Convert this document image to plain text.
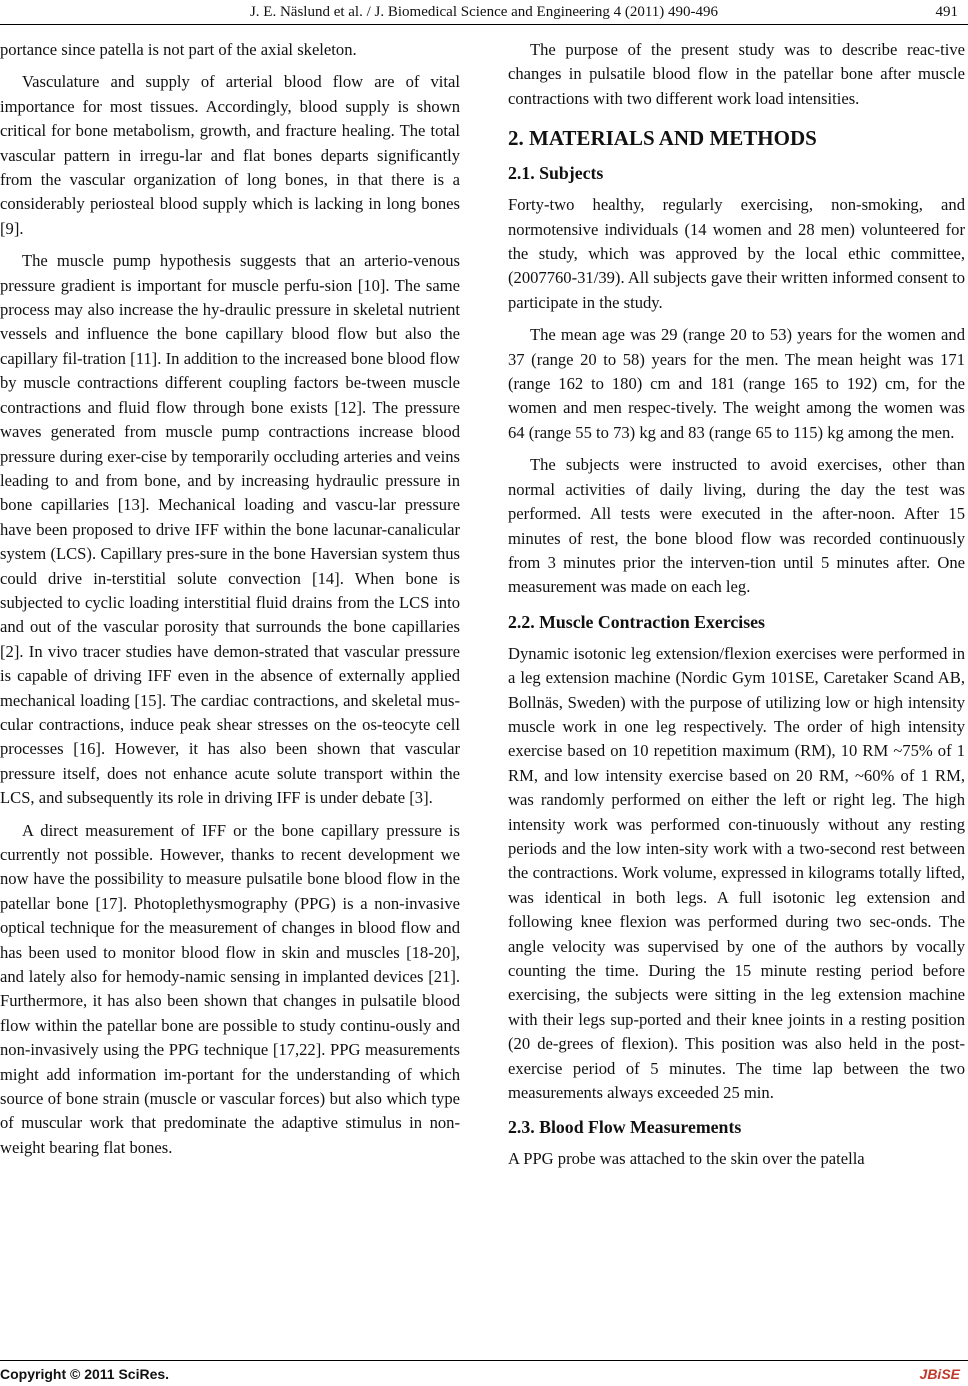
J. E. Näslund et al. / J. Biomedical Science and Engineering 4 (2011) 490-496	491

portance since patella is not part of the axial skeleton.

Vasculature and supply of arterial blood flow are of vital importance for most tissues. Accordingly, blood supply is shown critical for bone metabolism, growth, and fracture healing. The total vascular pattern in irregu-lar and flat bones departs significantly from the vascular organization of long bones, in that there is a considerably periosteal blood supply which is lacking in long bones [9].

The muscle pump hypothesis suggests that an arterio-venous pressure gradient is important for muscle perfu-sion [10]. The same process may also increase the hy-draulic pressure in skeletal nutrient vessels and influence the bone capillary blood flow but also the capillary fil-tration [11]. In addition to the increased bone blood flow by muscle contractions different coupling factors be-tween muscle contractions and fluid flow through bone exists [12]. The pressure waves generated from muscle pump contractions increase blood pressure during exer-cise by temporarily occluding arteries and veins leading to and from bone, and by increasing hydraulic pressure in bone capillaries [13]. Mechanical loading and vascu-lar pressure have been proposed to drive IFF within the bone lacunar-canalicular system (LCS). Capillary pres-sure in the bone Haversian system thus could drive in-terstitial solute convection [14]. When bone is subjected to cyclic loading interstitial fluid drains from the LCS into and out of the vascular porosity that surrounds the bone capillaries [2]. In vivo tracer studies have demon-strated that vascular pressure is capable of driving IFF even in the absence of externally applied mechanical loading [15]. The cardiac contractions, and skeletal mus-cular contractions, induce peak shear stresses on the os-teocyte cell processes [16]. However, it has also been shown that vascular pressure itself, does not enhance acute solute transport within the LCS, and subsequently its role in driving IFF is under debate [3].

A direct measurement of IFF or the bone capillary pressure is currently not possible. However, thanks to recent development we now have the possibility to measure pulsatile bone blood flow in the patellar bone [17]. Photoplethysmography (PPG) is a non-invasive optical technique for the measurement of changes in blood flow and has been used to monitor blood flow in skin and muscles [18-20], and lately also for hemody-namic sensing in implanted devices [21]. Furthermore, it has also been shown that changes in pulsatile blood flow within the patellar bone are possible to study continu-ously and non-invasively using the PPG technique [17,22]. PPG measurements might add information im-portant for the understanding of which source of bone strain (muscle or vascular forces) but also which type of muscular work that predominate the adaptive stimulus in non-weight bearing flat bones.

The purpose of the present study was to describe reac-tive changes in pulsatile blood flow in the patellar bone after muscle contractions with two different work load intensities.

2. MATERIALS AND METHODS
2.1. Subjects

Forty-two healthy, regularly exercising, non-smoking, and normotensive individuals (14 women and 28 men) volunteered for the study, which was approved by the local ethic committee, (2007760-31/39). All subjects gave their written informed consent to participate in the study.

The mean age was 29 (range 20 to 53) years for the women and 37 (range 20 to 58) years for the men. The mean height was 171 (range 162 to 180) cm and 181 (range 165 to 192) cm, for the women and men respec-tively. The weight among the women was 64 (range 55 to 73) kg and 83 (range 65 to 115) kg among the men.

The subjects were instructed to avoid exercises, other than normal activities of daily living, during the day the test was performed. All tests were executed in the after-noon. After 15 minutes of rest, the bone blood flow was recorded continuously from 3 minutes prior the interven-tion until 5 minutes after. One measurement was made on each leg.

2.2. Muscle Contraction Exercises

Dynamic isotonic leg extension/flexion exercises were performed in a leg extension machine (Nordic Gym 101SE, Caretaker Scand AB, Bollnäs, Sweden) with the purpose of utilizing low or high intensity muscle work in one leg respectively. The order of high intensity exercise based on 10 repetition maximum (RM), 10 RM ~75% of 1 RM, and low intensity exercise based on 20 RM, ~60% of 1 RM, was randomly performed on either the left or right leg. The high intensity work was performed con-tinuously without any resting periods and the low inten-sity work with a two-second rest between the contractions. Work volume, expressed in kilograms totally lifted, was identical in both legs. A full isotonic leg extension and following knee flexion was performed during two sec-onds. The angle velocity was supervised by one of the authors by vocally counting the time. During the 15 minute resting period before exercising, the subjects were sitting in the leg extension machine with their legs sup-ported and their knee joints in a resting position (20 de-grees of flexion). This position was also held in the post-exercise period of 5 minutes. The time lap between the two measurements always exceeded 25 min.

2.3. Blood Flow Measurements

A PPG probe was attached to the skin over the patella

Copyright © 2011 SciRes.	JBiSE
